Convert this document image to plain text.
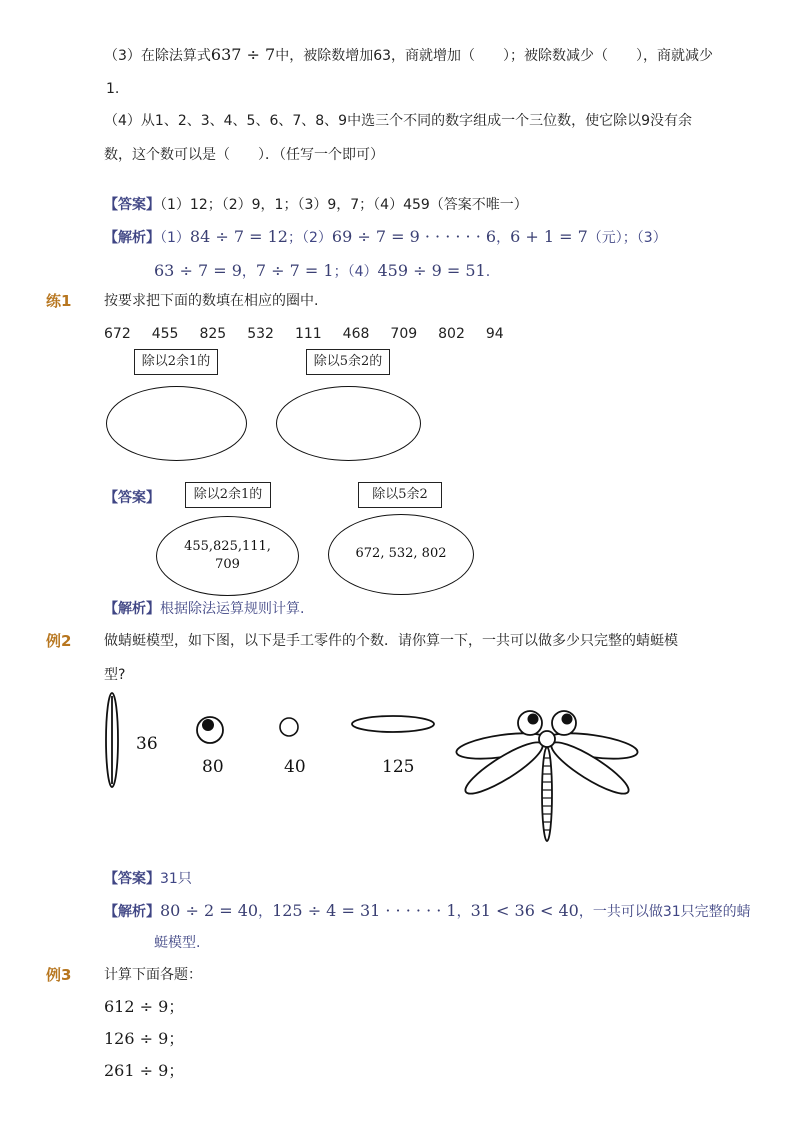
（3）在除法算式637 ÷ 7中，被除数增加63，商就增加（　　）；被除数减少（　　），商就减少
1.
（4）从1、2、3、4、5、6、7、8、9中选三个不同的数字组成一个三位数，使它除以9没有余
数，这个数可以是（　　）．（任写一个即可）
【答案】（1）12；（2）9，1；（3）9，7；（4）459（答案不唯一）
【解析】（1）84 ÷ 7 = 12；（2）69 ÷ 7 = 9 · · · · · · 6，6 + 1 = 7（元）；（3）
63 ÷ 7 = 9，7 ÷ 7 = 1；（4）459 ÷ 9 = 51.
练1 按要求把下面的数填在相应的圈中.
672 455 825 532 111 468 709 802 94
除以2余1的	除以5余2的
【答案】	除以2余1的	除以5余2
455,825,111,
709
672, 532, 802
【解析】根据除法运算规则计算.
例2 做蜻蜓模型，如下图，以下是手工零件的个数．请你算一下，一共可以做多少只完整的蜻蜓模
型?
36
80	40	125
【答案】31只
【解析】80 ÷ 2 = 40，125 ÷ 4 = 31 · · · · · · 1，31 < 36 < 40，一共可以做31只完整的蜻
蜓模型.
例3 计算下面各题：
612 ÷ 9；
126 ÷ 9；
261 ÷ 9；
